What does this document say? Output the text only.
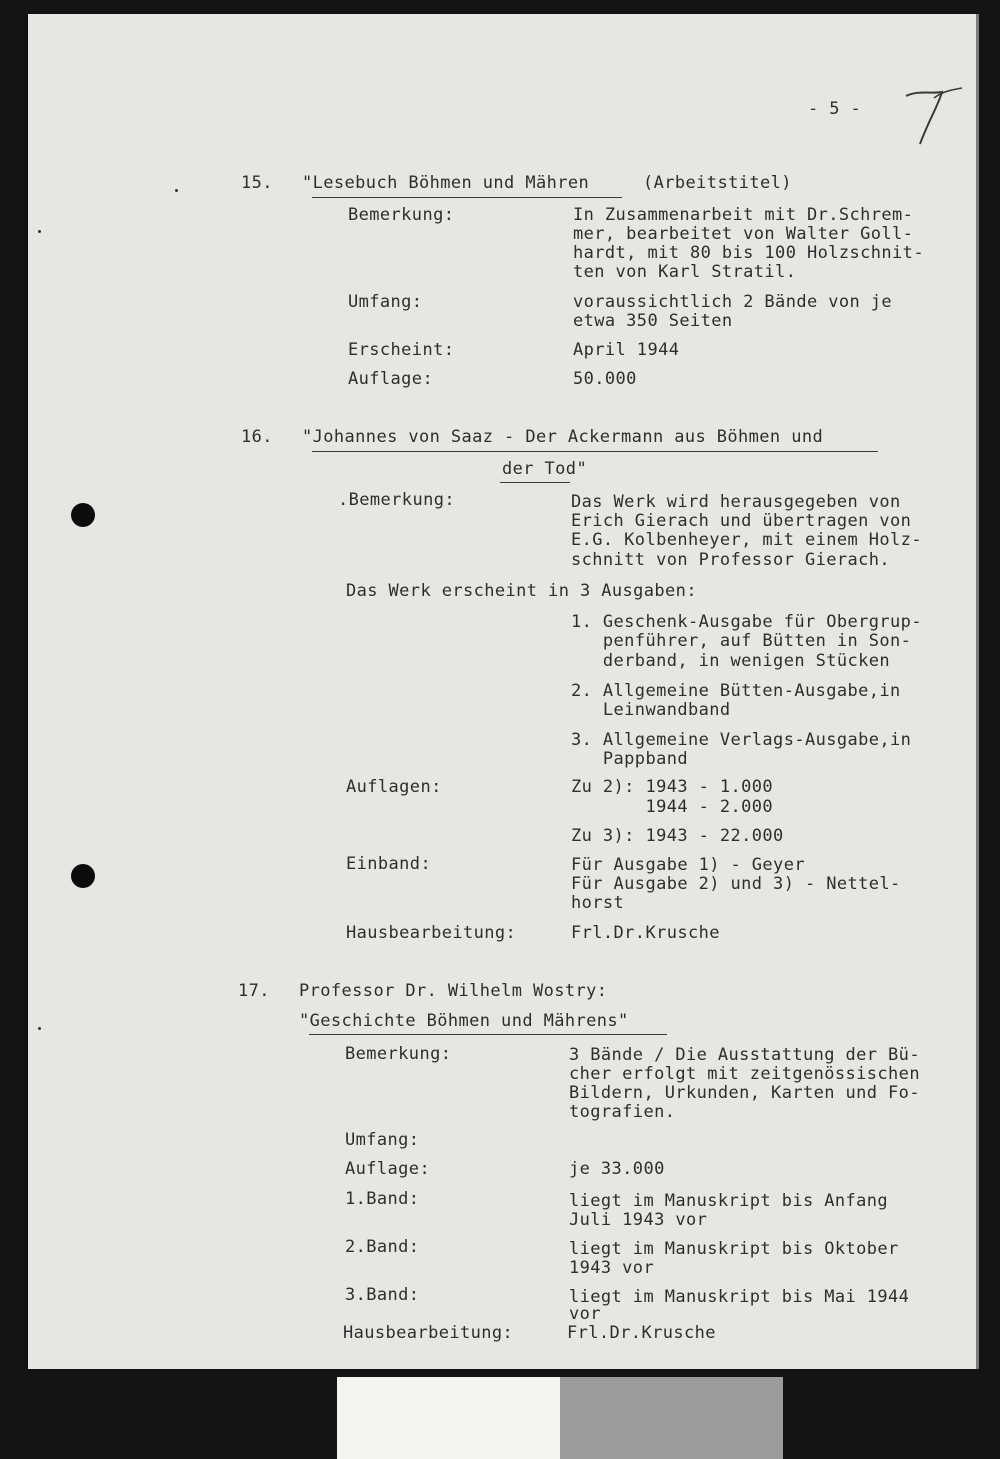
- 5 -
15. "Lesebuch Böhmen und Mähren	(Arbeitstitel)
Bemerkung:	In Zusammenarbeit mit Dr.Schrem-
mer, bearbeitet von Walter Goll-
hardt, mit 80 bis 100 Holzschnit-
ten von Karl Stratil.
Umfang:	voraussichtlich 2 Bände von je
etwa 350 Seiten
Erscheint:	April 1944
Auflage:	50.000
16. "Johannes von Saaz - Der Ackermann aus Böhmen und
der Tod"
.Bemerkung:	Das Werk wird herausgegeben von
Erich Gierach und übertragen von
E.G. Kolbenheyer, mit einem Holz-
schnitt von Professor Gierach.
Das Werk erscheint in 3 Ausgaben:
1. Geschenk-Ausgabe für Obergrup-
penführer, auf Bütten in Son-
derband, in wenigen Stücken
2. Allgemeine Bütten-Ausgabe,in
Leinwandband
3. Allgemeine Verlags-Ausgabe,in
Pappband
Auflagen:	Zu 2): 1943 - 1.000
1944 - 2.000
Zu 3): 1943 - 22.000
Einband:	Für Ausgabe 1) - Geyer
Für Ausgabe 2) und 3) - Nettel-
horst
Hausbearbeitung:	Frl.Dr.Krusche
17. Professor Dr. Wilhelm Wostry:
"Geschichte Böhmen und Mährens"
Bemerkung:	3 Bände / Die Ausstattung der Bü-
cher erfolgt mit zeitgenössischen
Bildern, Urkunden, Karten und Fo-
tografien.
Umfang:
Auflage:	je 33.000
1.Band:	liegt im Manuskript bis Anfang
Juli 1943 vor
2.Band:	liegt im Manuskript bis Oktober
1943 vor
3.Band:	liegt im Manuskript bis Mai 1944
vor
Hausbearbeitung:	Frl.Dr.Krusche
